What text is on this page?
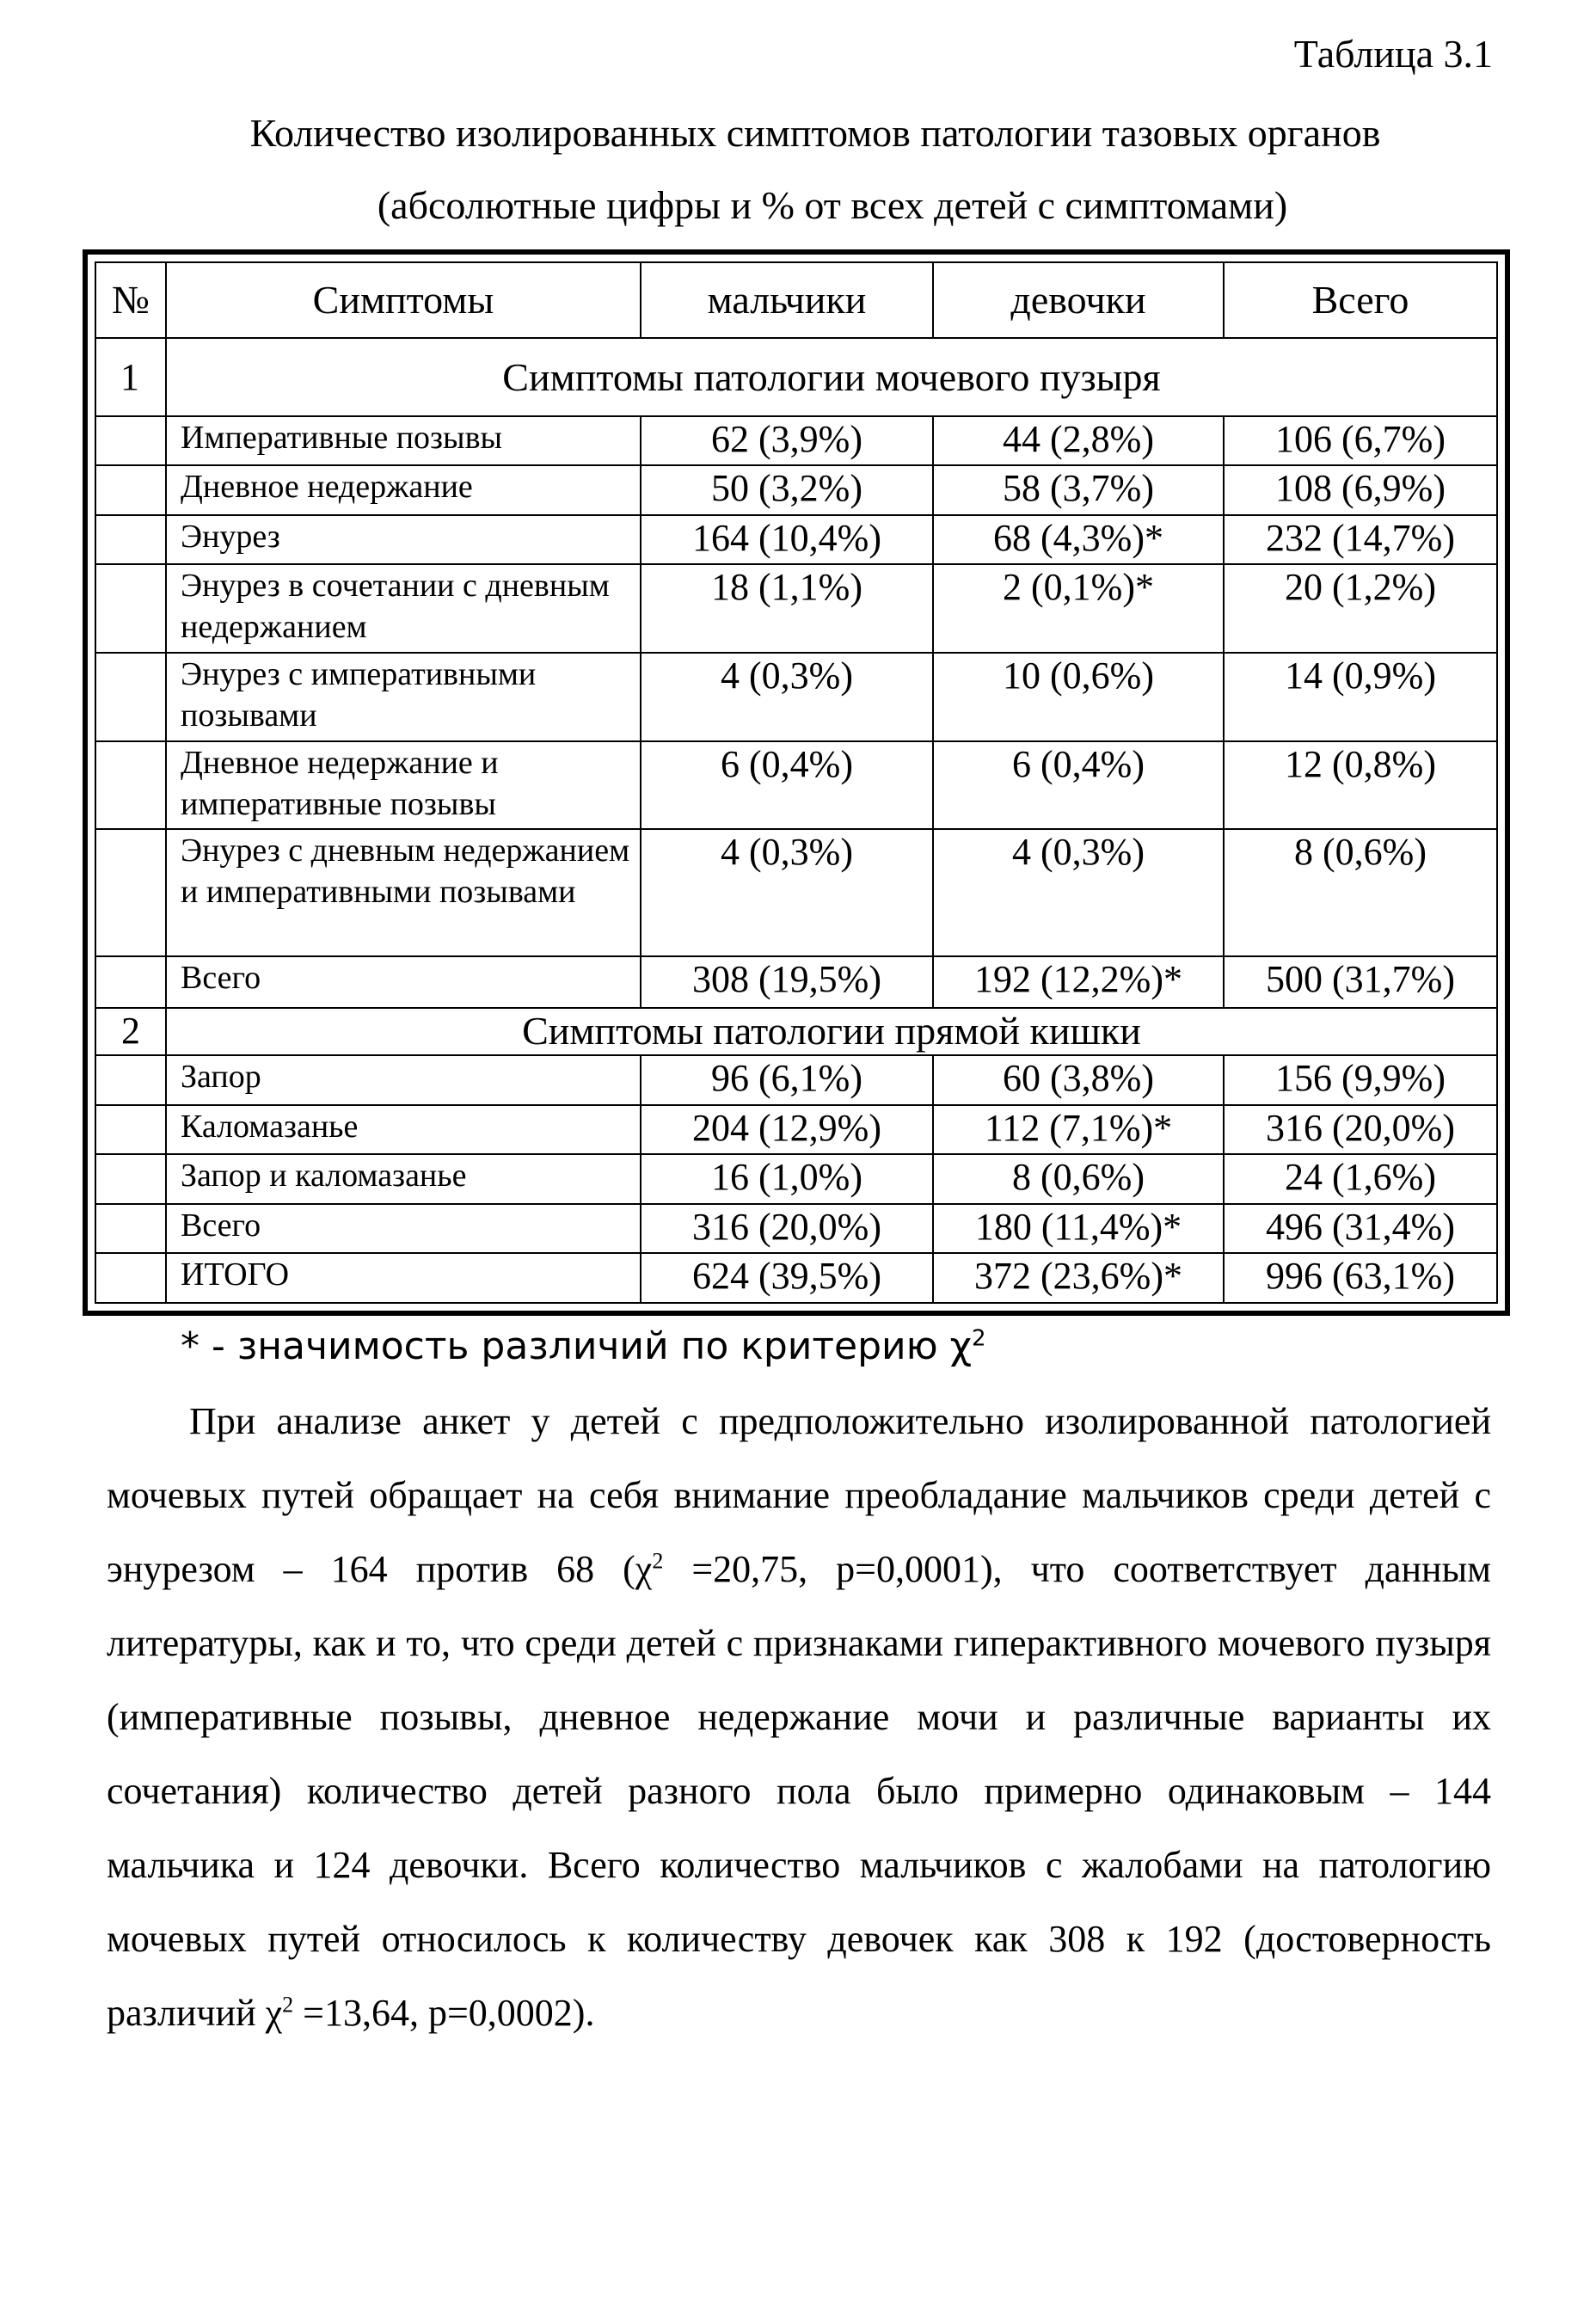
Таблица 3.1
Количество изолированных симптомов патологии тазовых органов
(абсолютные цифры и % от всех детей с симптомами)
№	Симптомы	мальчики	девочки	Всего
1	Симптомы патологии мочевого пузыря			
	Императивные позывы	62 (3,9%)	44 (2,8%)	106 (6,7%)
	Дневное недержание	50 (3,2%)	58 (3,7%)	108 (6,9%)
	Энурез	164 (10,4%)	68 (4,3%)*	232 (14,7%)
	Энурез в сочетании с дневным недержанием	18 (1,1%)	2 (0,1%)*	20 (1,2%)
	Энурез с императивными позывами	4 (0,3%)	10 (0,6%)	14 (0,9%)
	Дневное недержание и императивные позывы	6 (0,4%)	6 (0,4%)	12 (0,8%)
	Энурез с дневным недержанием и императивными позывами	4 (0,3%)	4 (0,3%)	8 (0,6%)
	Всего	308 (19,5%)	192 (12,2%)*	500 (31,7%)
2	Симптомы патологии прямой кишки			
	Запор	96 (6,1%)	60 (3,8%)	156 (9,9%)
	Каломазанье	204 (12,9%)	112 (7,1%)*	316 (20,0%)
	Запор и каломазанье	16 (1,0%)	8 (0,6%)	24 (1,6%)
	Всего	316 (20,0%)	180 (11,4%)*	496 (31,4%)
	ИТОГО	624 (39,5%)	372 (23,6%)*	996 (63,1%)
* - значимость различий по критерию $\chi^2$

При анализе анкет у детей с предположительно изолированной патологией мочевых путей обращает на себя внимание преобладание мальчиков среди детей с энурезом – 164 против 68 ($\chi^2 =20,75$, p=0,0001), что соответствует данным литературы, как и то, что среди детей с признаками гиперактивного мочевого пузыря (императивные позывы, дневное недержание мочи и различные варианты их сочетания) количество детей разного пола было примерно одинаковым – 144 мальчика и 124 девочки. Всего количество мальчиков с жалобами на патологию мочевых путей относилось к количеству девочек как 308 к 192 (достоверность различий $\chi^2 =13,64$, p=0,0002).
